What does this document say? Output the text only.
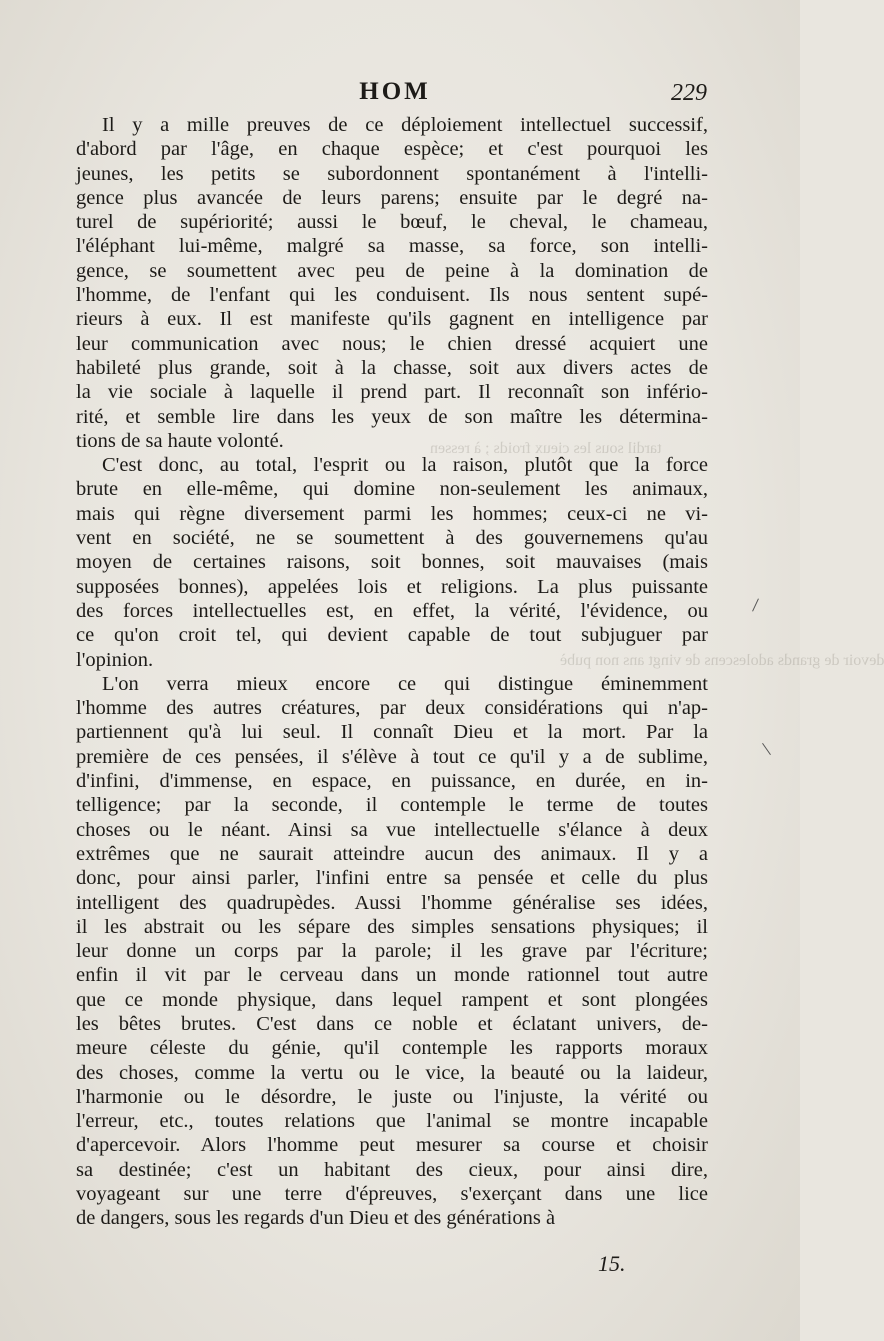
tardil sous les cieux froids ; à ressen
devoir de grands adolescens de vingt ans non pubè
HOM	229
Il y a mille preuves de ce déploiement intellectuel successif,
d'abord par l'âge, en chaque espèce; et c'est pourquoi les
jeunes, les petits se subordonnent spontanément à l'intelli-
gence plus avancée de leurs parens; ensuite par le degré na-
turel de supériorité; aussi le bœuf, le cheval, le chameau,
l'éléphant lui-même, malgré sa masse, sa force, son intelli-
gence, se soumettent avec peu de peine à la domination de
l'homme, de l'enfant qui les conduisent. Ils nous sentent supé-
rieurs à eux. Il est manifeste qu'ils gagnent en intelligence par
leur communication avec nous; le chien dressé acquiert une
habileté plus grande, soit à la chasse, soit aux divers actes de
la vie sociale à laquelle il prend part. Il reconnaît son infério-
rité, et semble lire dans les yeux de son maître les détermina-
tions de sa haute volonté.
C'est donc, au total, l'esprit ou la raison, plutôt que la force
brute en elle-même, qui domine non-seulement les animaux,
mais qui règne diversement parmi les hommes; ceux-ci ne vi-
vent en société, ne se soumettent à des gouvernemens qu'au
moyen de certaines raisons, soit bonnes, soit mauvaises (mais
supposées bonnes), appelées lois et religions. La plus puissante
des forces intellectuelles est, en effet, la vérité, l'évidence, ou
ce qu'on croit tel, qui devient capable de tout subjuguer par
l'opinion.
L'on verra mieux encore ce qui distingue éminemment
l'homme des autres créatures, par deux considérations qui n'ap-
partiennent qu'à lui seul. Il connaît Dieu et la mort. Par la
première de ces pensées, il s'élève à tout ce qu'il y a de sublime,
d'infini, d'immense, en espace, en puissance, en durée, en in-
telligence; par la seconde, il contemple le terme de toutes
choses ou le néant. Ainsi sa vue intellectuelle s'élance à deux
extrêmes que ne saurait atteindre aucun des animaux. Il y a
donc, pour ainsi parler, l'infini entre sa pensée et celle du plus
intelligent des quadrupèdes. Aussi l'homme généralise ses idées,
il les abstrait ou les sépare des simples sensations physiques; il
leur donne un corps par la parole; il les grave par l'écriture;
enfin il vit par le cerveau dans un monde rationnel tout autre
que ce monde physique, dans lequel rampent et sont plongées
les bêtes brutes. C'est dans ce noble et éclatant univers, de-
meure céleste du génie, qu'il contemple les rapports moraux
des choses, comme la vertu ou le vice, la beauté ou la laideur,
l'harmonie ou le désordre, le juste ou l'injuste, la vérité ou
l'erreur, etc., toutes relations que l'animal se montre incapable
d'apercevoir. Alors l'homme peut mesurer sa course et choisir
sa destinée; c'est un habitant des cieux, pour ainsi dire,
voyageant sur une terre d'épreuves, s'exerçant dans une lice
de dangers, sous les regards d'un Dieu et des générations à
15.
